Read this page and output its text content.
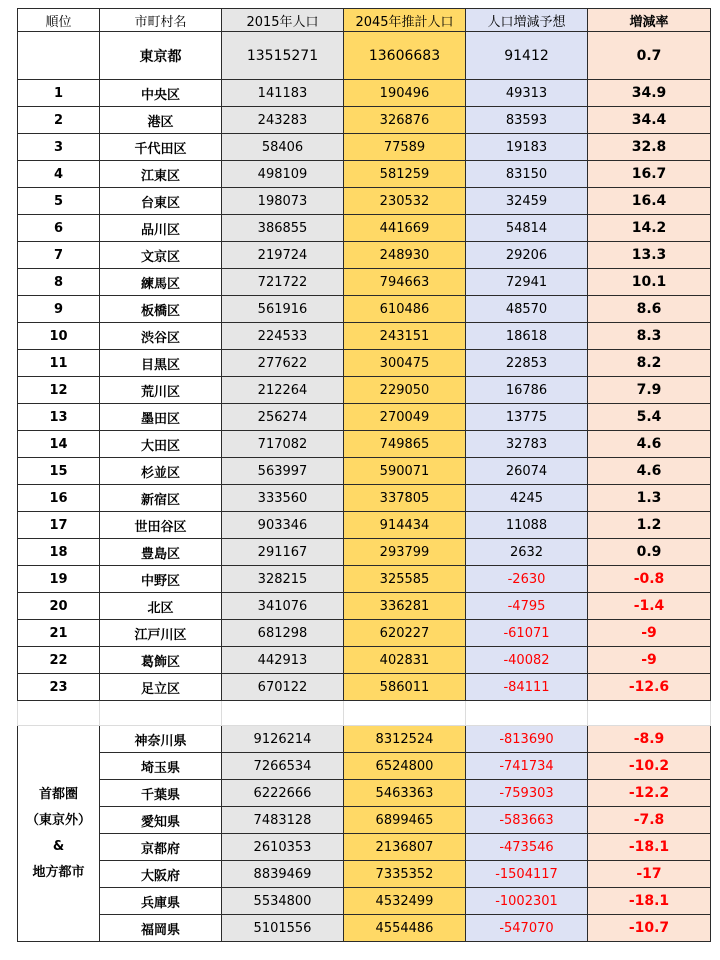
順位	市町村名	2015年人口	2045年推計人口	人口増減予想	増減率
	東京都	13515271	13606683	91412	0.7
1	中央区	141183	190496	49313	34.9
2	港区	243283	326876	83593	34.4
3	千代田区	58406	77589	19183	32.8
4	江東区	498109	581259	83150	16.7
5	台東区	198073	230532	32459	16.4
6	品川区	386855	441669	54814	14.2
7	文京区	219724	248930	29206	13.3
8	練馬区	721722	794663	72941	10.1
9	板橋区	561916	610486	48570	8.6
10	渋谷区	224533	243151	18618	8.3
11	目黒区	277622	300475	22853	8.2
12	荒川区	212264	229050	16786	7.9
13	墨田区	256274	270049	13775	5.4
14	大田区	717082	749865	32783	4.6
15	杉並区	563997	590071	26074	4.6
16	新宿区	333560	337805	4245	1.3
17	世田谷区	903346	914434	11088	1.2
18	豊島区	291167	293799	2632	0.9
19	中野区	328215	325585	-2630	-0.8
20	北区	341076	336281	-4795	-1.4
21	江戸川区	681298	620227	-61071	-9
22	葛飾区	442913	402831	-40082	-9
23	足立区	670122	586011	-84111	-12.6

首都圏
（東京外）
&
地方都市	神奈川県	9126214	8312524	-813690	-8.9
	埼玉県	7266534	6524800	-741734	-10.2
	千葉県	6222666	5463363	-759303	-12.2
	愛知県	7483128	6899465	-583663	-7.8
	京都府	2610353	2136807	-473546	-18.1
	大阪府	8839469	7335352	-1504117	-17
	兵庫県	5534800	4532499	-1002301	-18.1
	福岡県	5101556	4554486	-547070	-10.7
